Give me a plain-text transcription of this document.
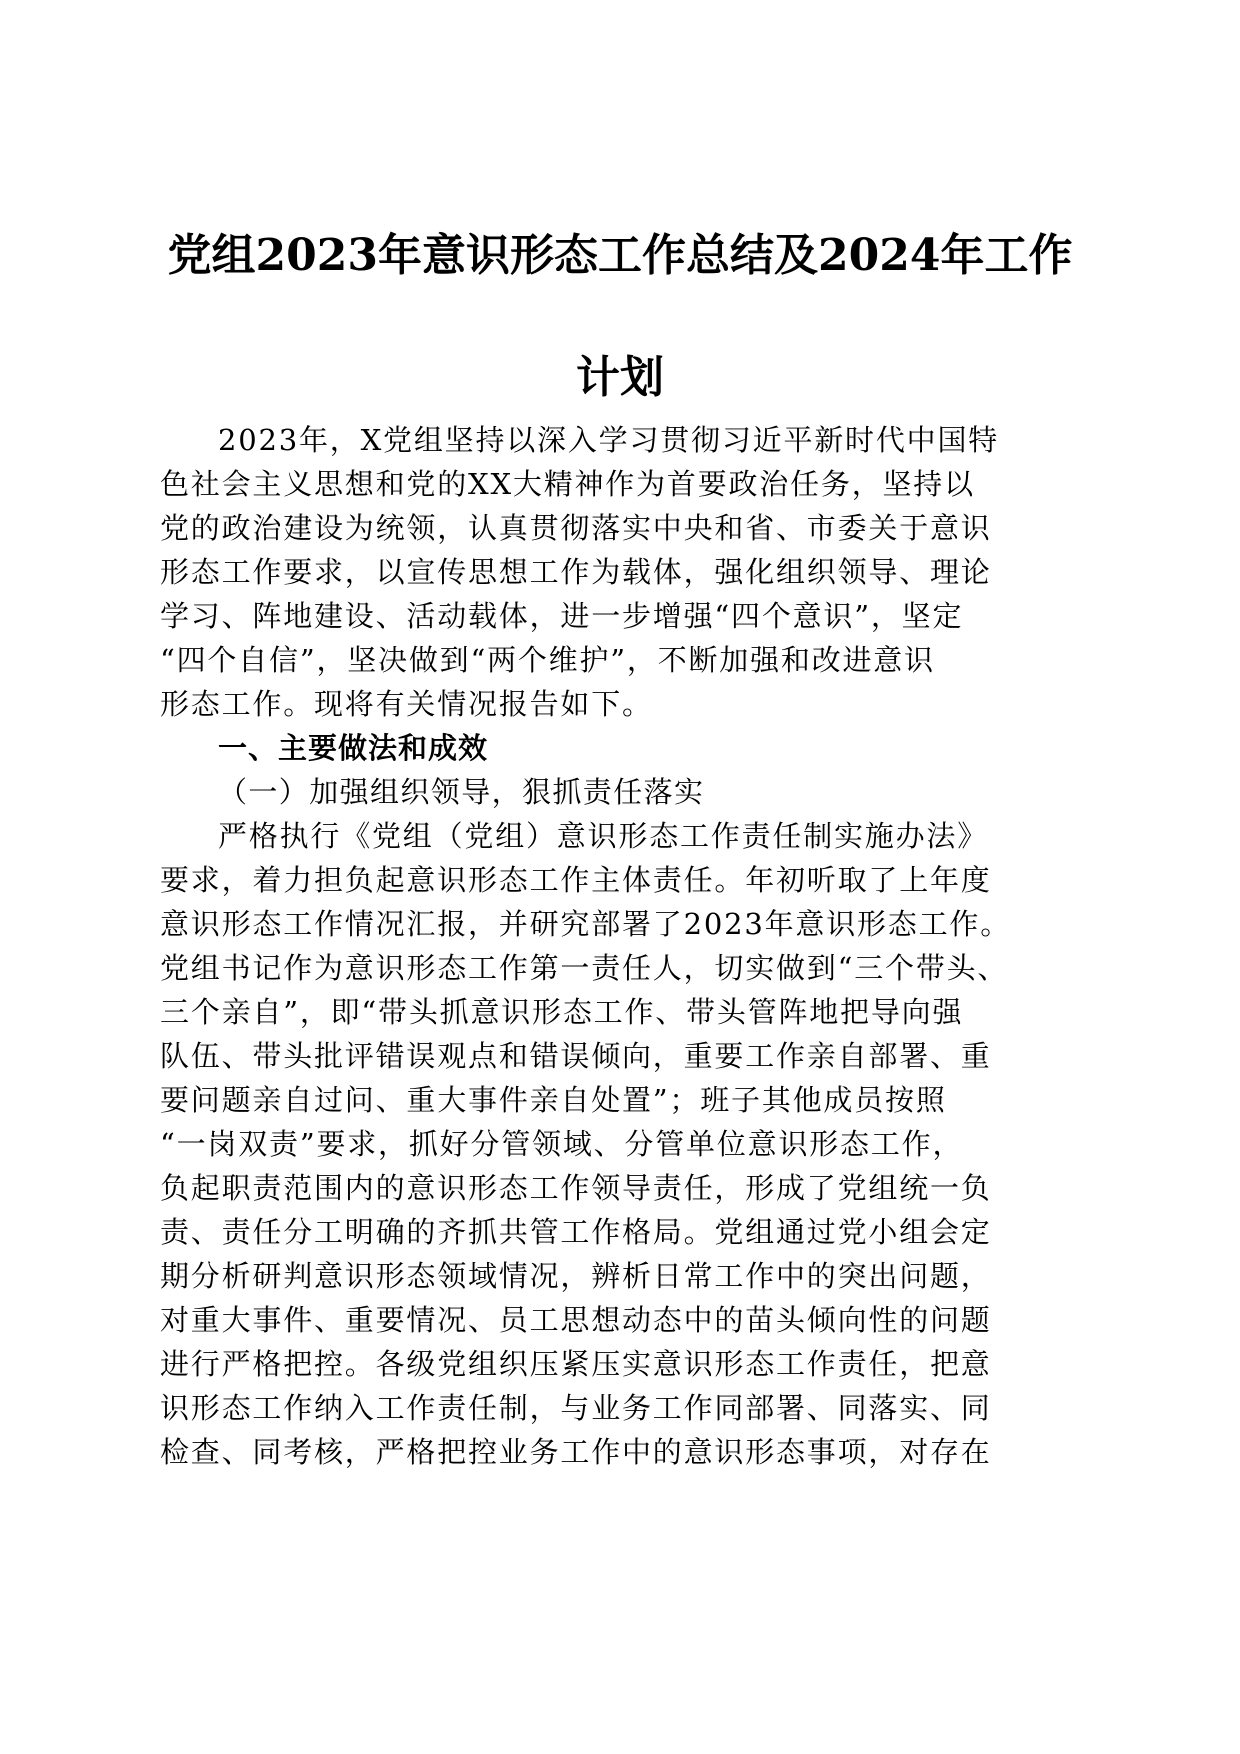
党组2023年意识形态工作总结及2024年工作
计划
2023年，X党组坚持以深入学习贯彻习近平新时代中国特
色社会主义思想和党的XX大精神作为首要政治任务，坚持以
党的政治建设为统领，认真贯彻落实中央和省、市委关于意识
形态工作要求，以宣传思想工作为载体，强化组织领导、理论
学习、阵地建设、活动载体，进一步增强“四个意识”，坚定
“四个自信”，坚决做到“两个维护”，不断加强和改进意识
形态工作。现将有关情况报告如下。
一、主要做法和成效
（一）加强组织领导，狠抓责任落实
严格执行《党组（党组）意识形态工作责任制实施办法》
要求，着力担负起意识形态工作主体责任。年初听取了上年度
意识形态工作情况汇报，并研究部署了2023年意识形态工作。
党组书记作为意识形态工作第一责任人，切实做到“三个带头、
三个亲自”，即“带头抓意识形态工作、带头管阵地把导向强
队伍、带头批评错误观点和错误倾向，重要工作亲自部署、重
要问题亲自过问、重大事件亲自处置”；班子其他成员按照
“一岗双责”要求，抓好分管领域、分管单位意识形态工作，
负起职责范围内的意识形态工作领导责任，形成了党组统一负
责、责任分工明确的齐抓共管工作格局。党组通过党小组会定
期分析研判意识形态领域情况，辨析日常工作中的突出问题，
对重大事件、重要情况、员工思想动态中的苗头倾向性的问题
进行严格把控。各级党组织压紧压实意识形态工作责任，把意
识形态工作纳入工作责任制，与业务工作同部署、同落实、同
检查、同考核，严格把控业务工作中的意识形态事项，对存在
